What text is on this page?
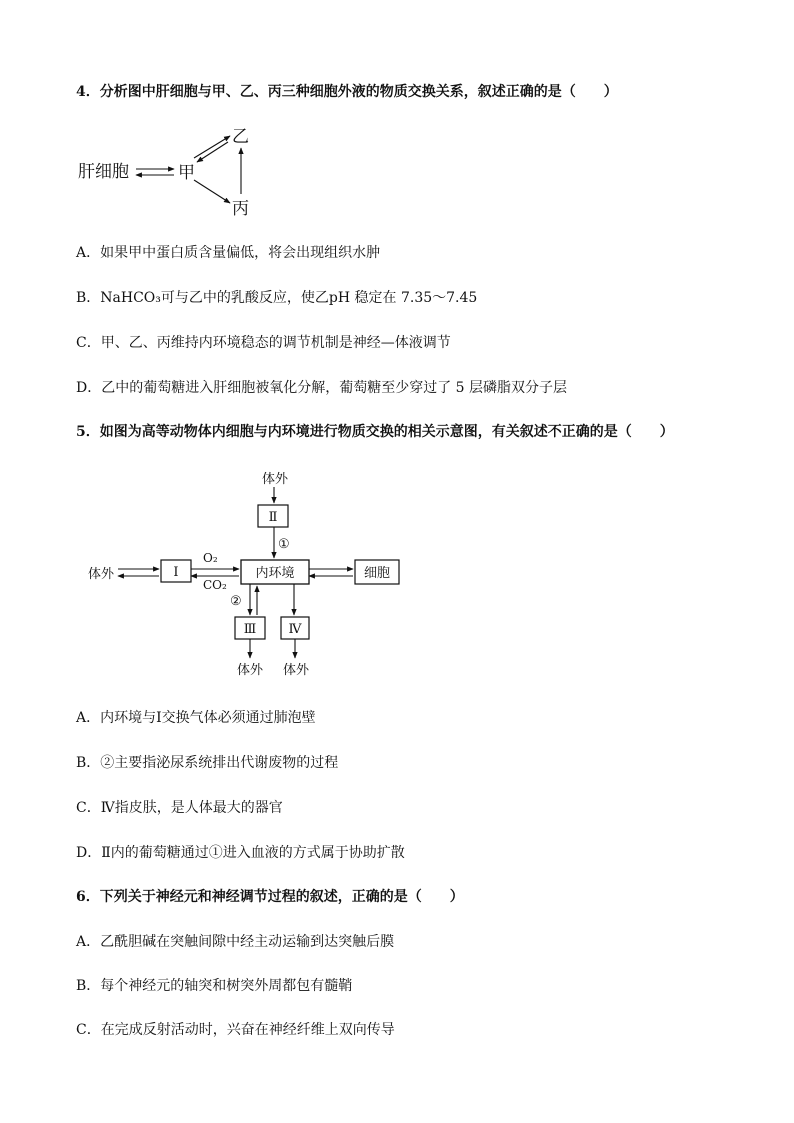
4．分析图中肝细胞与甲、乙、丙三种细胞外液的物质交换关系，叙述正确的是（　　）
肝细胞	甲
乙
丙
A．如果甲中蛋白质含量偏低，将会出现组织水肿
B．NaHCO₃可与乙中的乳酸反应，使乙pH 稳定在 7.35～7.45
C．甲、乙、丙维持内环境稳态的调节机制是神经—体液调节
D．乙中的葡萄糖进入肝细胞被氧化分解，葡萄糖至少穿过了 5 层磷脂双分子层
5．如图为高等动物体内细胞与内环境进行物质交换的相关示意图，有关叙述不正确的是（　　）
体外
Ⅱ
①
内环境
体外	Ⅰ
O₂
CO₂
细胞
②
Ⅲ
体外
Ⅳ
体外
A．内环境与Ⅰ交换气体必须通过肺泡壁
B．②主要指泌尿系统排出代谢废物的过程
C．Ⅳ指皮肤，是人体最大的器官
D．Ⅱ内的葡萄糖通过①进入血液的方式属于协助扩散
6．下列关于神经元和神经调节过程的叙述，正确的是（　　）
A．乙酰胆碱在突触间隙中经主动运输到达突触后膜
B．每个神经元的轴突和树突外周都包有髓鞘
C．在完成反射活动时，兴奋在神经纤维上双向传导
